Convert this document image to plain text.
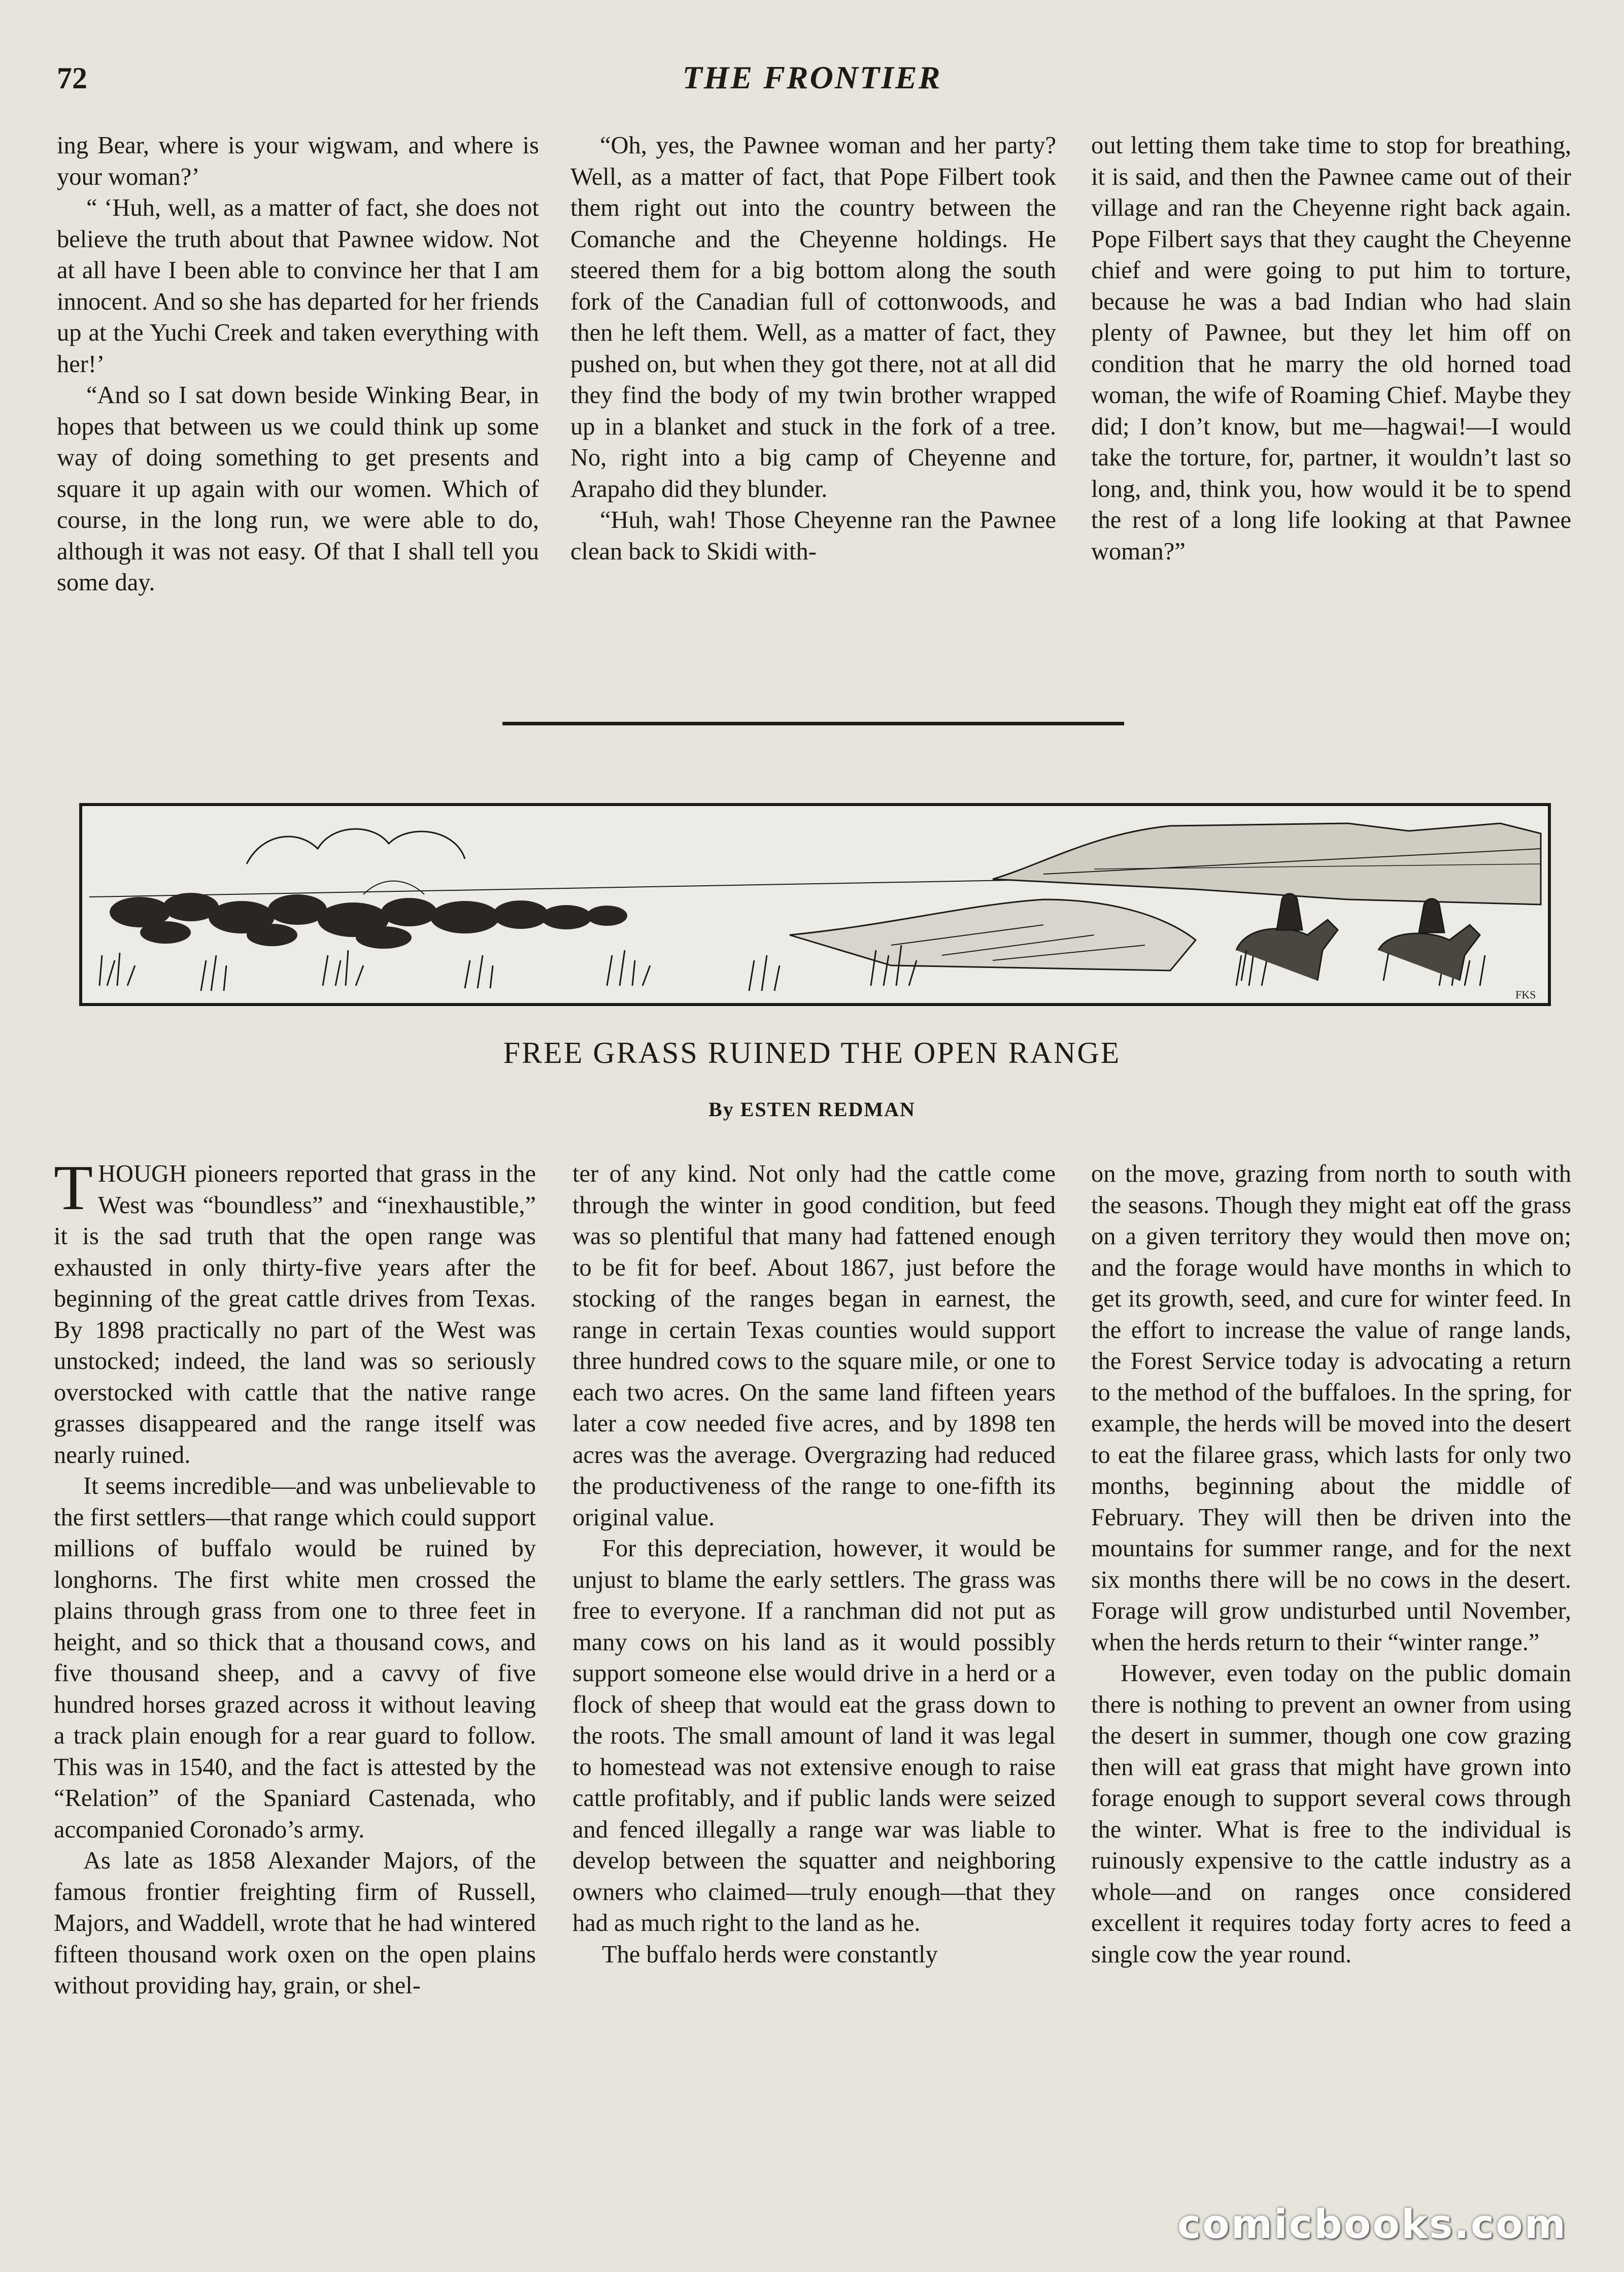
72	THE FRONTIER

ing Bear, where is your wigwam, and where is your woman?’

“ ‘Huh, well, as a matter of fact, she does not believe the truth about that Pawnee widow. Not at all have I been able to convince her that I am innocent. And so she has departed for her friends up at the Yuchi Creek and taken everything with her!’

“And so I sat down beside Winking Bear, in hopes that between us we could think up some way of doing something to get presents and square it up again with our women. Which of course, in the long run, we were able to do, although it was not easy. Of that I shall tell you some day.

“Oh, yes, the Pawnee woman and her party? Well, as a matter of fact, that Pope Filbert took them right out into the country between the Comanche and the Cheyenne holdings. He steered them for a big bottom along the south fork of the Canadian full of cottonwoods, and then he left them. Well, as a matter of fact, they pushed on, but when they got there, not at all did they find the body of my twin brother wrapped up in a blanket and stuck in the fork of a tree. No, right into a big camp of Cheyenne and Arapaho did they blunder.

“Huh, wah! Those Cheyenne ran the Pawnee clean back to Skidi with-

out letting them take time to stop for breathing, it is said, and then the Pawnee came out of their village and ran the Cheyenne right back again. Pope Filbert says that they caught the Cheyenne chief and were going to put him to torture, because he was a bad Indian who had slain plenty of Pawnee, but they let him off on condition that he marry the old horned toad woman, the wife of Roaming Chief. Maybe they did; I don’t know, but me—hagwai!—I would take the torture, for, partner, it wouldn’t last so long, and, think you, how would it be to spend the rest of a long life looking at that Pawnee woman?”

FKS
FREE GRASS RUINED THE OPEN RANGE
By ESTEN REDMAN

THOUGH pioneers reported that grass in the West was “boundless” and “inexhaustible,” it is the sad truth that the open range was exhausted in only thirty-five years after the beginning of the great cattle drives from Texas. By 1898 practically no part of the West was unstocked; indeed, the land was so seriously overstocked with cattle that the native range grasses disappeared and the range itself was nearly ruined.

It seems incredible—and was unbelievable to the first settlers—that range which could support millions of buffalo would be ruined by longhorns. The first white men crossed the plains through grass from one to three feet in height, and so thick that a thousand cows, and five thousand sheep, and a cavvy of five hundred horses grazed across it without leaving a track plain enough for a rear guard to follow. This was in 1540, and the fact is attested by the “Relation” of the Spaniard Castenada, who accompanied Coronado’s army.

As late as 1858 Alexander Majors, of the famous frontier freighting firm of Russell, Majors, and Waddell, wrote that he had wintered fifteen thousand work oxen on the open plains without providing hay, grain, or shel-

ter of any kind. Not only had the cattle come through the winter in good condition, but feed was so plentiful that many had fattened enough to be fit for beef. About 1867, just before the stocking of the ranges began in earnest, the range in certain Texas counties would support three hundred cows to the square mile, or one to each two acres. On the same land fifteen years later a cow needed five acres, and by 1898 ten acres was the average. Overgrazing had reduced the productiveness of the range to one-fifth its original value.

For this depreciation, however, it would be unjust to blame the early settlers. The grass was free to everyone. If a ranchman did not put as many cows on his land as it would possibly support someone else would drive in a herd or a flock of sheep that would eat the grass down to the roots. The small amount of land it was legal to homestead was not extensive enough to raise cattle profitably, and if public lands were seized and fenced illegally a range war was liable to develop between the squatter and neighboring owners who claimed—truly enough—that they had as much right to the land as he.

The buffalo herds were constantly

on the move, grazing from north to south with the seasons. Though they might eat off the grass on a given territory they would then move on; and the forage would have months in which to get its growth, seed, and cure for winter feed. In the effort to increase the value of range lands, the Forest Service today is advocating a return to the method of the buffaloes. In the spring, for example, the herds will be moved into the desert to eat the filaree grass, which lasts for only two months, beginning about the middle of February. They will then be driven into the mountains for summer range, and for the next six months there will be no cows in the desert. Forage will grow undisturbed until November, when the herds return to their “winter range.”

However, even today on the public domain there is nothing to prevent an owner from using the desert in summer, though one cow grazing then will eat grass that might have grown into forage enough to support several cows through the winter. What is free to the individual is ruinously expensive to the cattle industry as a whole—and on ranges once considered excellent it requires today forty acres to feed a single cow the year round.

comicbooks.com
